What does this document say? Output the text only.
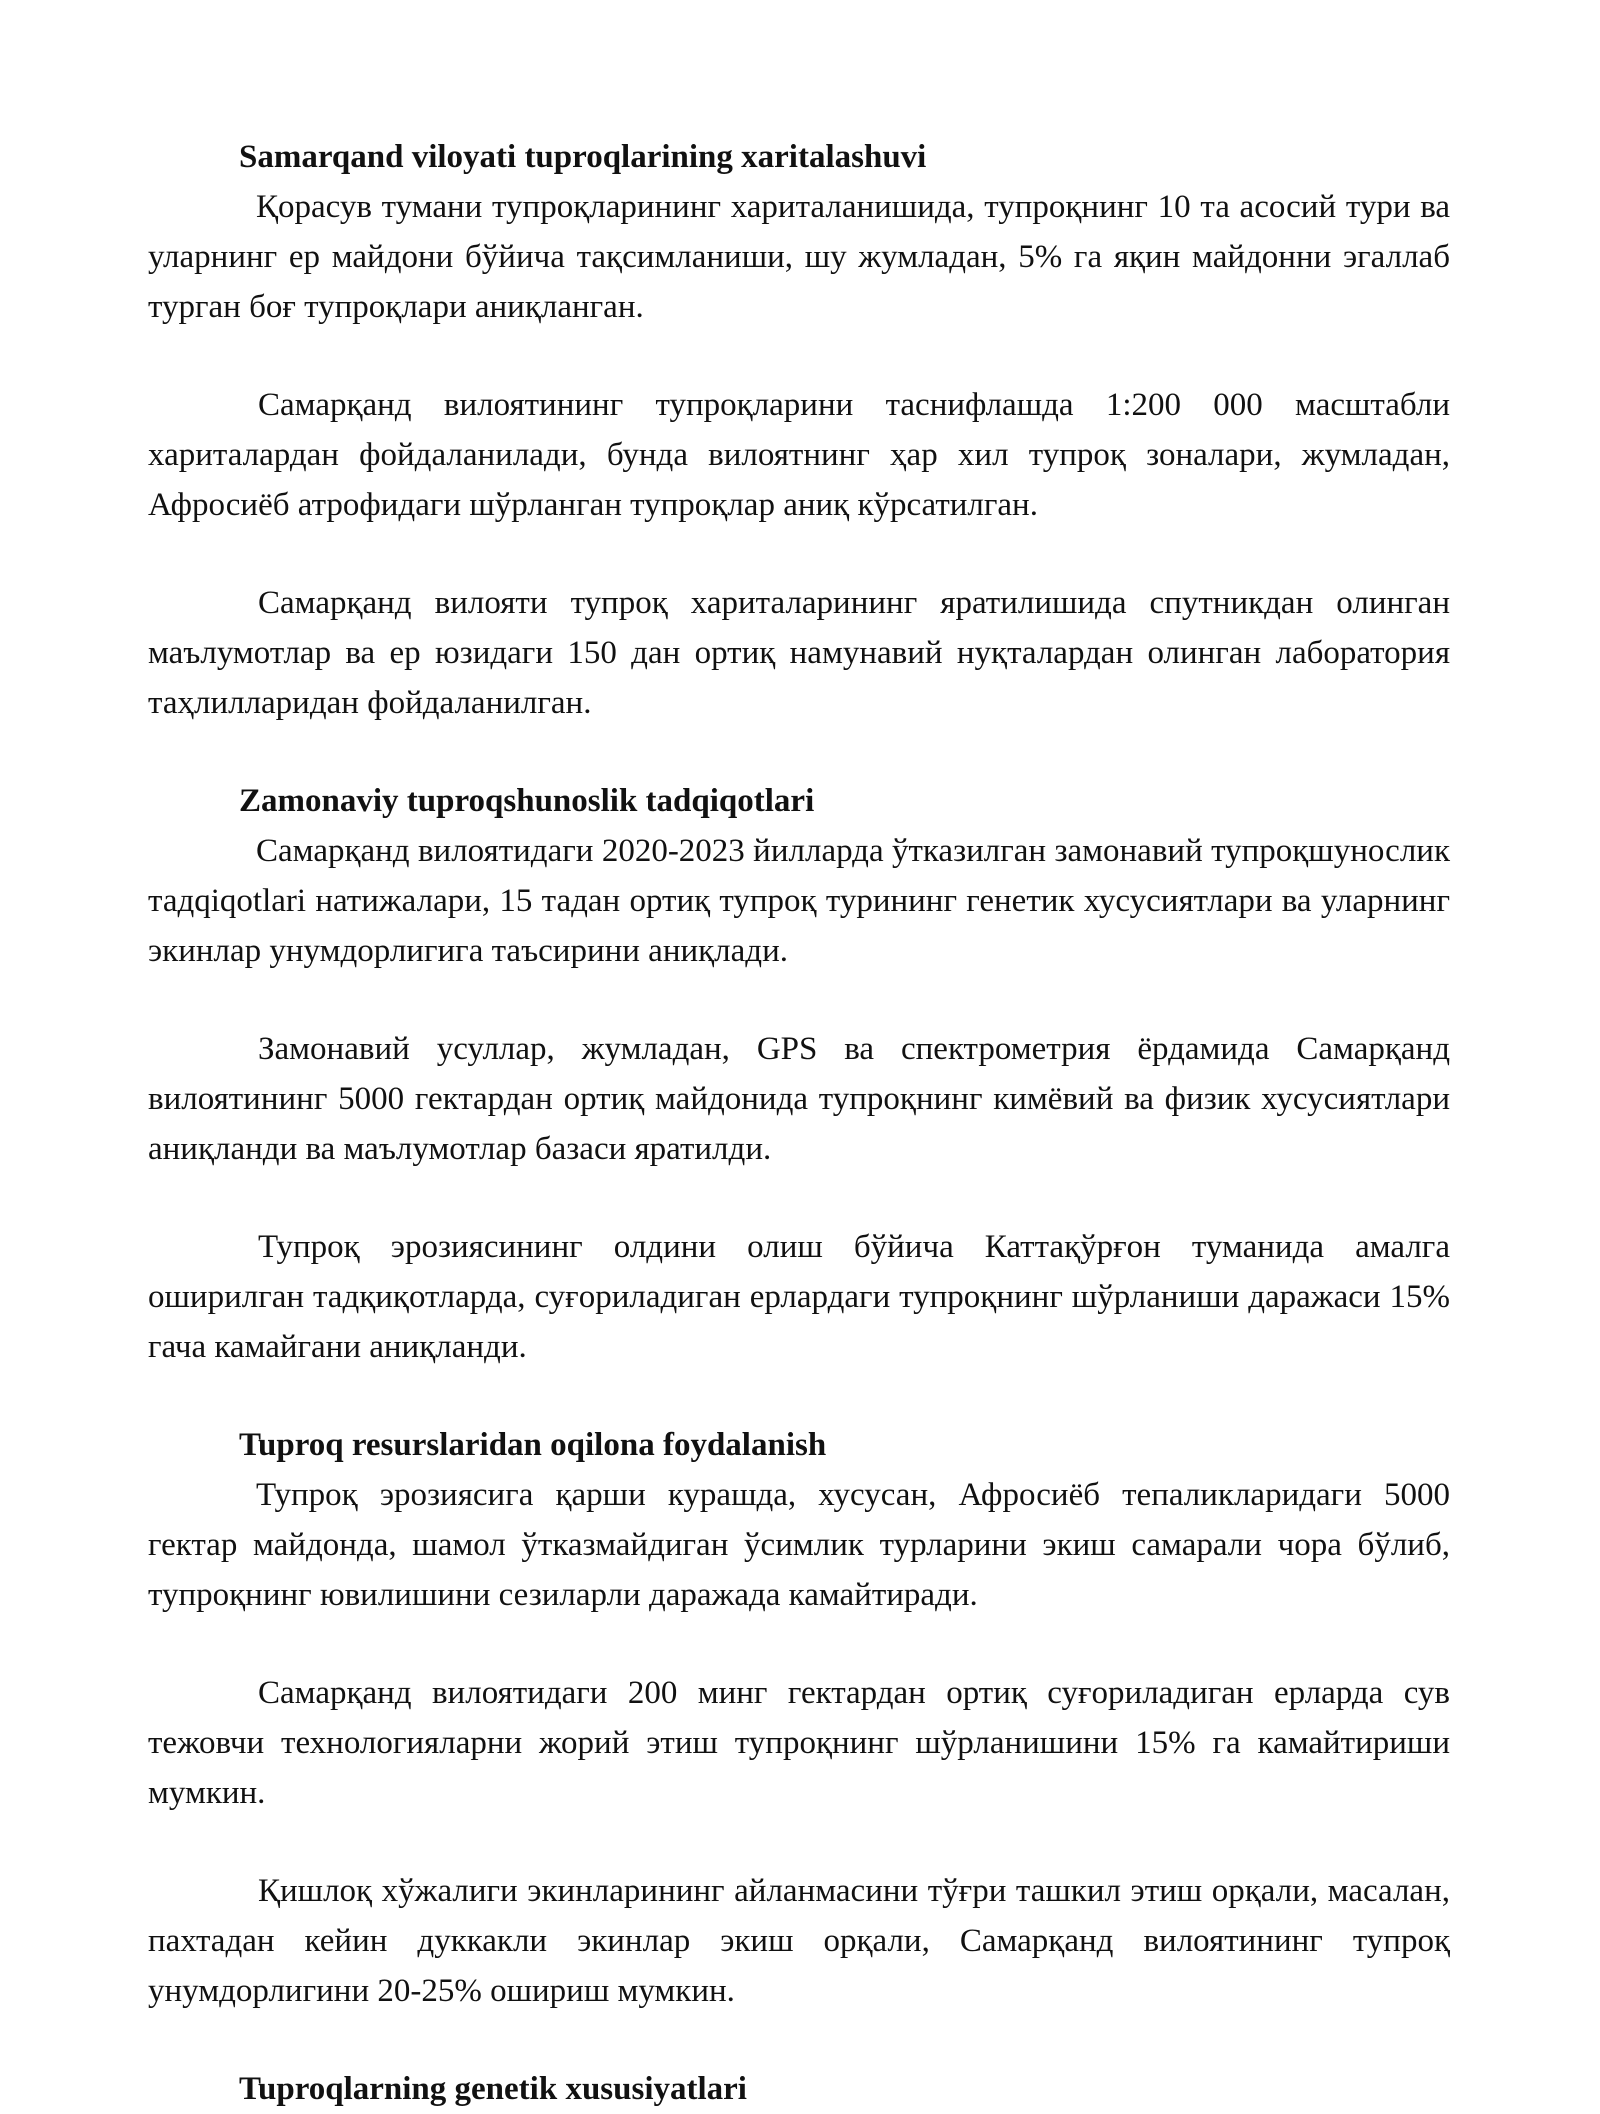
Samarqand viloyati tuproqlarining xaritalashuvi

Қорасув тумани тупроқларининг хариталанишида, тупроқнинг 10 та асосий тури ва уларнинг ер майдони бўйича тақсимланиши, шу жумладан, 5% га яқин майдонни эгаллаб турган боғ тупроқлари аниқланган.

Самарқанд вилоятининг тупроқларини таснифлашда 1:200 000 масштабли хариталардан фойдаланилади, бунда вилоятнинг ҳар хил тупроқ зоналари, жумладан, Афросиёб атрофидаги шўрланган тупроқлар аниқ кўрсатилган.

Самарқанд вилояти тупроқ хариталарининг яратилишида спутникдан олинган маълумотлар ва ер юзидаги 150 дан ортиқ намунавий нуқталардан олинган лаборатория таҳлилларидан фойдаланилган.

Zamonaviy tuproqshunoslik tadqiqotlari

Самарқанд вилоятидаги 2020-2023 йилларда ўтказилган замонавий тупроқшунослик тадqiqotlari натижалари, 15 тадан ортиқ тупроқ турининг генетик хусусиятлари ва уларнинг экинлар унумдорлигига таъсирини аниқлади.

Замонавий усуллар, жумладан, GPS ва спектрометрия ёрдамида Самарқанд вилоятининг 5000 гектардан ортиқ майдонида тупроқнинг кимёвий ва физик хусусиятлари аниқланди ва маълумотлар базаси яратилди.

Тупроқ эрозиясининг олдини олиш бўйича Каттақўрғон туманида амалга оширилган тадқиқотларда, суғориладиган ерлардаги тупроқнинг шўрланиши даражаси 15% гача камайгани аниқланди.

Tuproq resurslaridan oqilona foydalanish

Тупроқ эрозиясига қарши курашда, хусусан, Афросиёб тепаликларидаги 5000 гектар майдонда, шамол ўтказмайдиган ўсимлик турларини экиш самарали чора бўлиб, тупроқнинг ювилишини сезиларли даражада камайтиради.

Самарқанд вилоятидаги 200 минг гектардан ортиқ суғориладиган ерларда сув тежовчи технологияларни жорий этиш тупроқнинг шўрланишини 15% га камайтириши мумкин.

Қишлоқ хўжалиги экинларининг айланмасини тўғри ташкил этиш орқали, масалан, пахтадан кейин дуккакли экинлар экиш орқали, Самарқанд вилоятининг тупроқ унумдорлигини 20-25% ошириш мумкин.

Tuproqlarning genetik xususiyatlari
